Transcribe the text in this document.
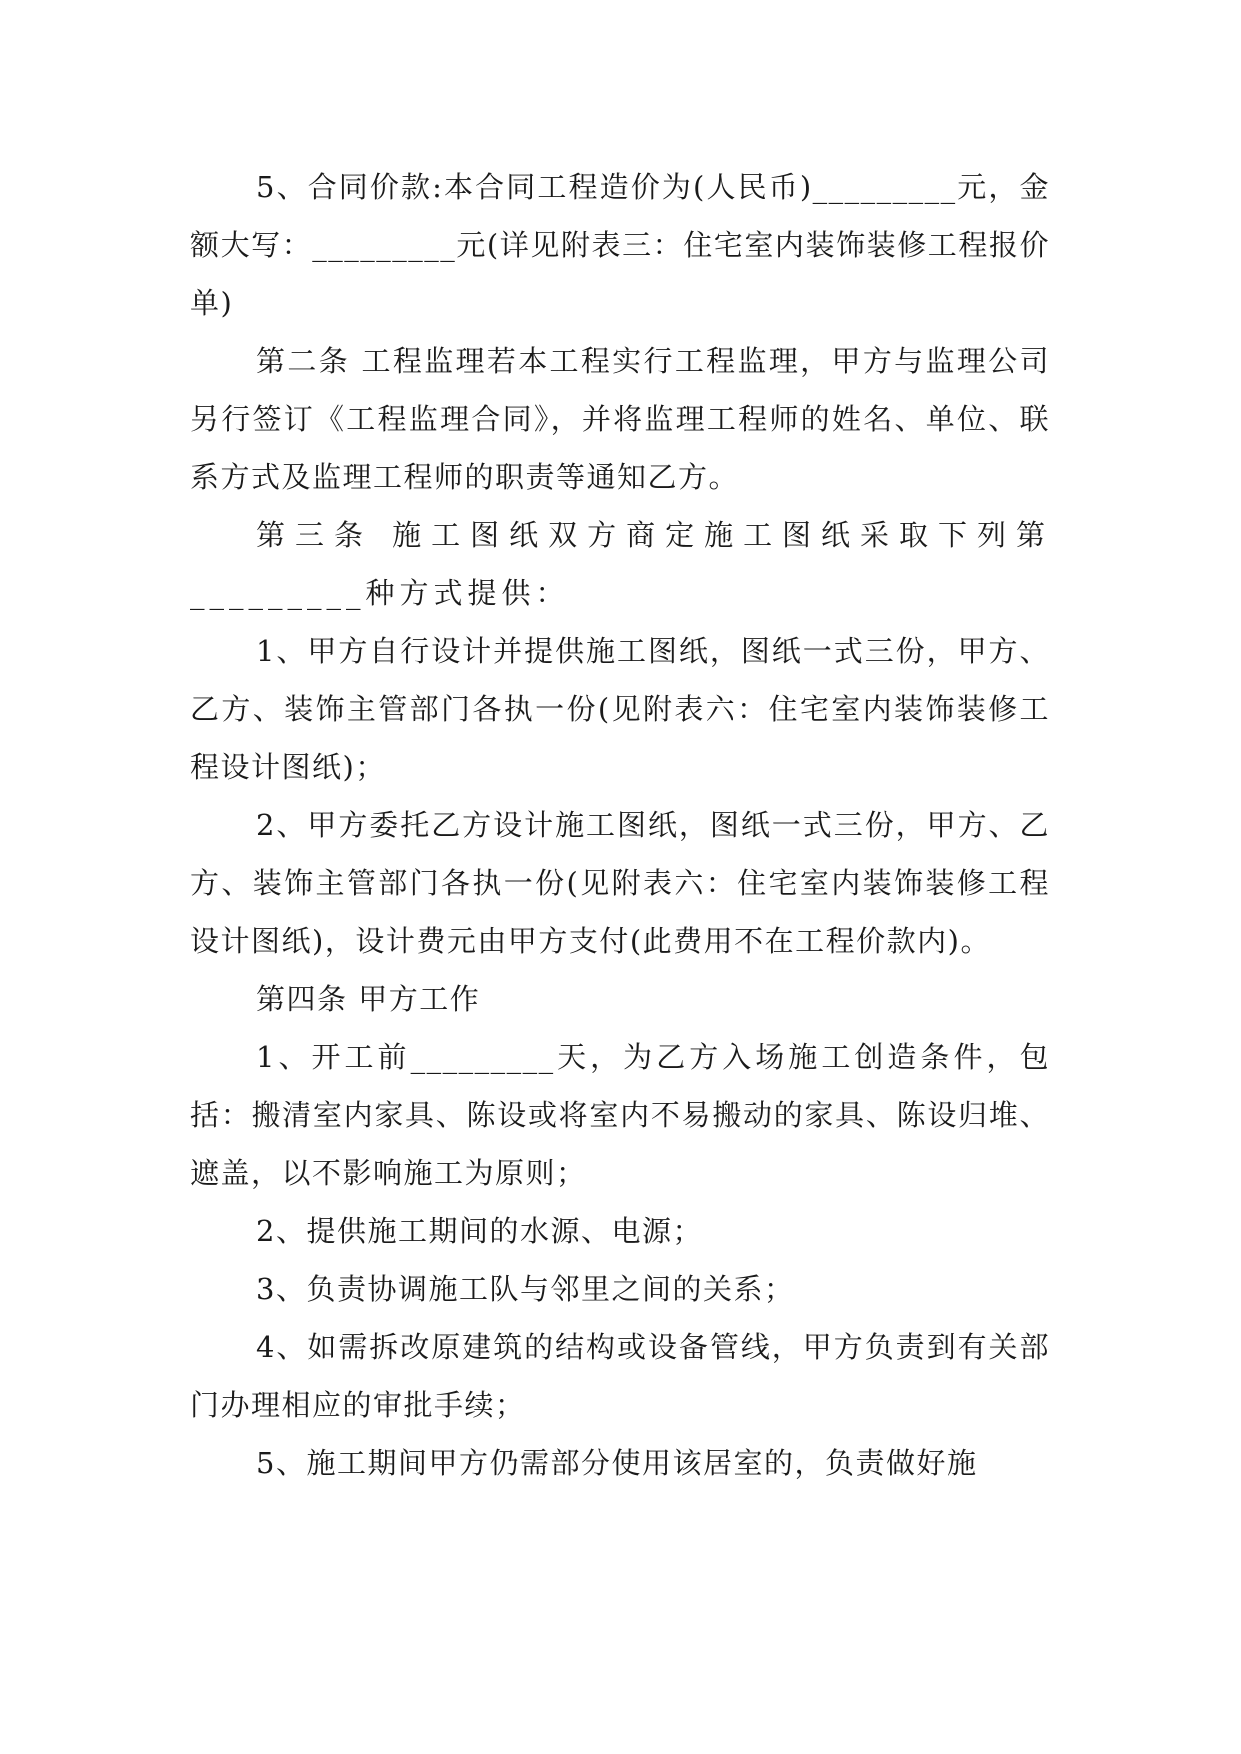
5、合同价款:本合同工程造价为(人民币)_________元，金额大写：_________元(详见附表三：住宅室内装饰装修工程报价单)

第二条 工程监理若本工程实行工程监理，甲方与监理公司另行签订《工程监理合同》，并将监理工程师的姓名、单位、联系方式及监理工程师的职责等通知乙方。

第三条 施工图纸双方商定施工图纸采取下列第_________种方式提供：

1、甲方自行设计并提供施工图纸，图纸一式三份，甲方、乙方、装饰主管部门各执一份(见附表六：住宅室内装饰装修工程设计图纸)；

2、甲方委托乙方设计施工图纸，图纸一式三份，甲方、乙方、装饰主管部门各执一份(见附表六：住宅室内装饰装修工程设计图纸)，设计费元由甲方支付(此费用不在工程价款内)。

第四条 甲方工作

1、开工前_________天，为乙方入场施工创造条件，包括：搬清室内家具、陈设或将室内不易搬动的家具、陈设归堆、遮盖，以不影响施工为原则；

2、提供施工期间的水源、电源；

3、负责协调施工队与邻里之间的关系；

4、如需拆改原建筑的结构或设备管线，甲方负责到有关部门办理相应的审批手续；

5、施工期间甲方仍需部分使用该居室的，负责做好施
